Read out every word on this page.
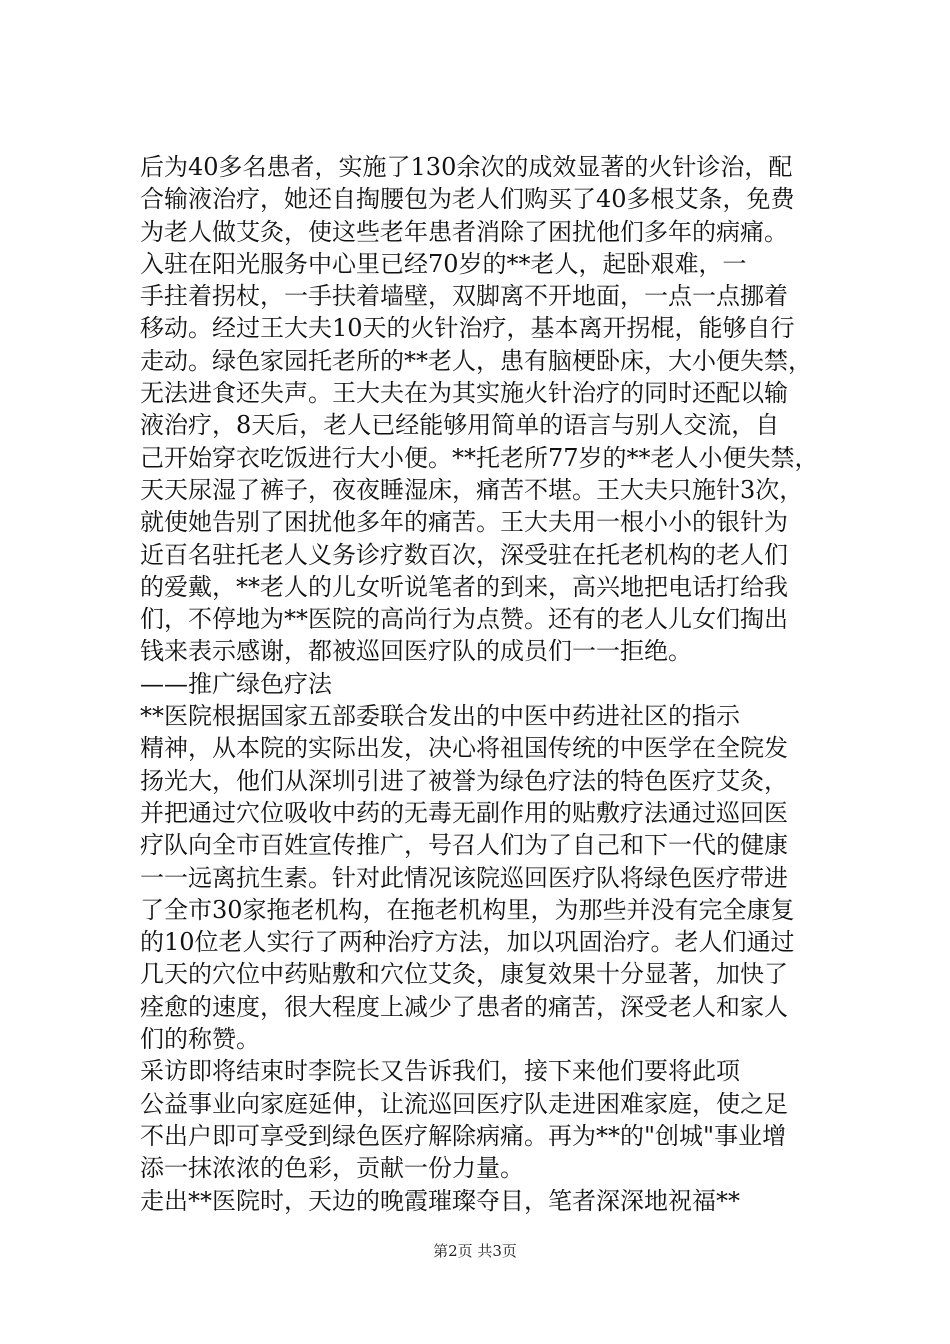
后为40多名患者，实施了130余次的成效显著的火针诊治，配
合输液治疗，她还自掏腰包为老人们购买了40多根艾条，免费
为老人做艾灸，使这些老年患者消除了困扰他们多年的病痛。
入驻在阳光服务中心里已经70岁的**老人，起卧艰难，一
手拄着拐杖，一手扶着墙壁，双脚离不开地面，一点一点挪着
移动。经过王大夫10天的火针治疗，基本离开拐棍，能够自行
走动。绿色家园托老所的**老人，患有脑梗卧床，大小便失禁，
无法进食还失声。王大夫在为其实施火针治疗的同时还配以输
液治疗，8天后，老人已经能够用简单的语言与别人交流，自
己开始穿衣吃饭进行大小便。**托老所77岁的**老人小便失禁，
天天尿湿了裤子，夜夜睡湿床，痛苦不堪。王大夫只施针3次，
就使她告别了困扰他多年的痛苦。王大夫用一根小小的银针为
近百名驻托老人义务诊疗数百次，深受驻在托老机构的老人们
的爱戴，**老人的儿女听说笔者的到来，高兴地把电话打给我
们，不停地为**医院的高尚行为点赞。还有的老人儿女们掏出
钱来表示感谢，都被巡回医疗队的成员们一一拒绝。
——推广绿色疗法
**医院根据国家五部委联合发出的中医中药进社区的指示
精神，从本院的实际出发，决心将祖国传统的中医学在全院发
扬光大，他们从深圳引进了被誉为绿色疗法的特色医疗艾灸，
并把通过穴位吸收中药的无毒无副作用的贴敷疗法通过巡回医
疗队向全市百姓宣传推广，号召人们为了自己和下一代的健康
一一远离抗生素。针对此情况该院巡回医疗队将绿色医疗带进
了全市30家拖老机构，在拖老机构里，为那些并没有完全康复
的10位老人实行了两种治疗方法，加以巩固治疗。老人们通过
几天的穴位中药贴敷和穴位艾灸，康复效果十分显著，加快了
痊愈的速度，很大程度上减少了患者的痛苦，深受老人和家人
们的称赞。
采访即将结束时李院长又告诉我们，接下来他们要将此项
公益事业向家庭延伸，让流巡回医疗队走进困难家庭，使之足
不出户即可享受到绿色医疗解除病痛。再为**的"创城"事业增
添一抹浓浓的色彩，贡献一份力量。
走出**医院时，天边的晚霞璀璨夺目，笔者深深地祝福**
第2页 共3页
